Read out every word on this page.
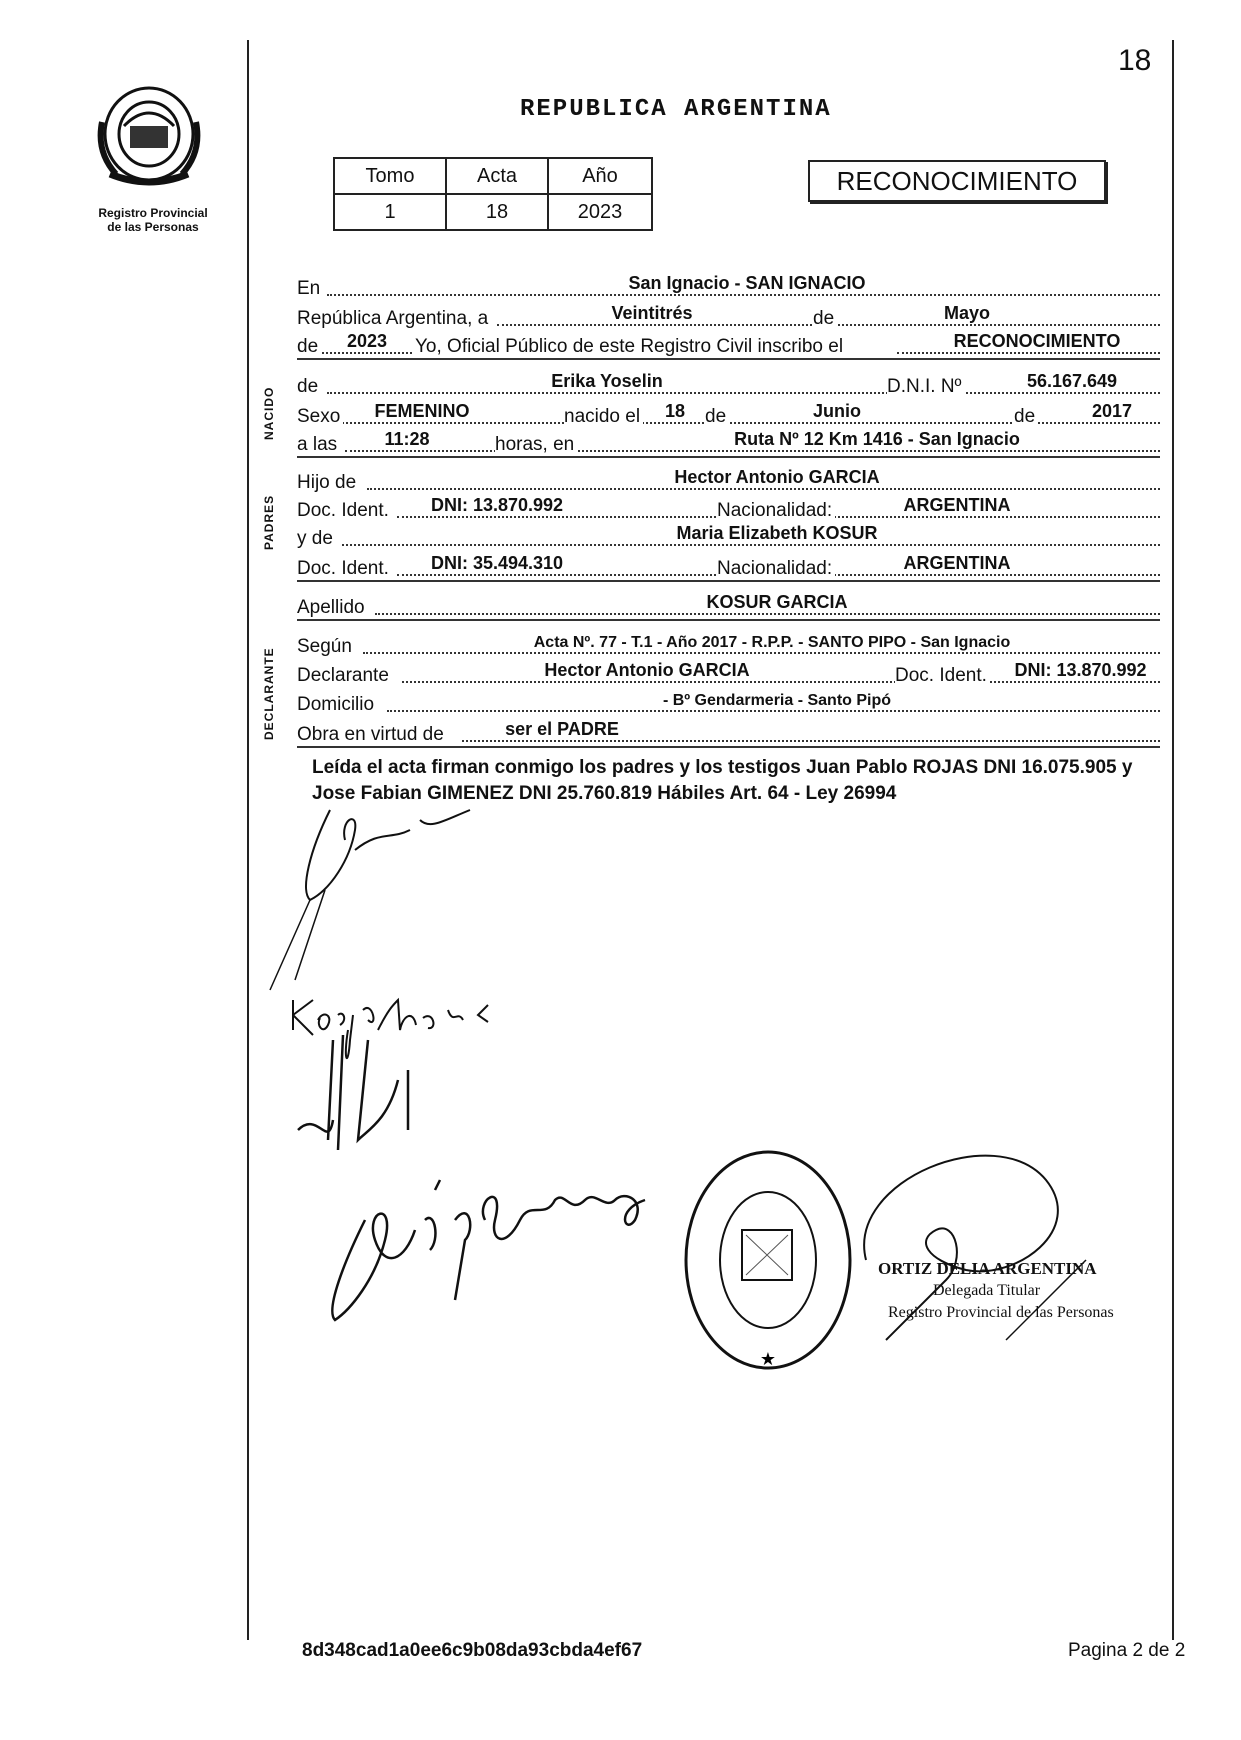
18
Registro Provincial
de las Personas
REPUBLICA ARGENTINA
Tomo	Acta	Año
1	18	2023
RECONOCIMIENTO
NACIDO
PADRES
DECLARANTE
En	San Ignacio - SAN IGNACIO
República Argentina, a	Veintitrés	de	Mayo
de	2023	Yo, Oficial Público de este Registro Civil inscribo el	RECONOCIMIENTO
de	Erika Yoselin	D.N.I. Nº	56.167.649
Sexo	FEMENINO	nacido el	18	de	Junio	de	2017
a las	11:28	horas, en	Ruta Nº 12 Km 1416 - San Ignacio
Hijo de	Hector Antonio GARCIA
Doc. Ident.	DNI: 13.870.992	Nacionalidad:	ARGENTINA
y de	Maria Elizabeth KOSUR
Doc. Ident.	DNI: 35.494.310	Nacionalidad:	ARGENTINA
Apellido	KOSUR GARCIA
Según	Acta Nº. 77 - T.1 - Año 2017 - R.P.P. - SANTO PIPO - San Ignacio
Declarante	Hector Antonio GARCIA	Doc. Ident.	DNI: 13.870.992
Domicilio	- Bº Gendarmeria - Santo Pipó
Obra en virtud de	ser el PADRE
Leída el acta firman conmigo los padres y los testigos Juan Pablo ROJAS DNI 16.075.905 y Jose Fabian GIMENEZ DNI 25.760.819 Hábiles Art. 64 - Ley 26994
★
ORTIZ DELIA ARGENTINA
Delegada Titular
Registro Provincial de las Personas
8d348cad1a0ee6c9b08da93cbda4ef67	Pagina 2 de 2
